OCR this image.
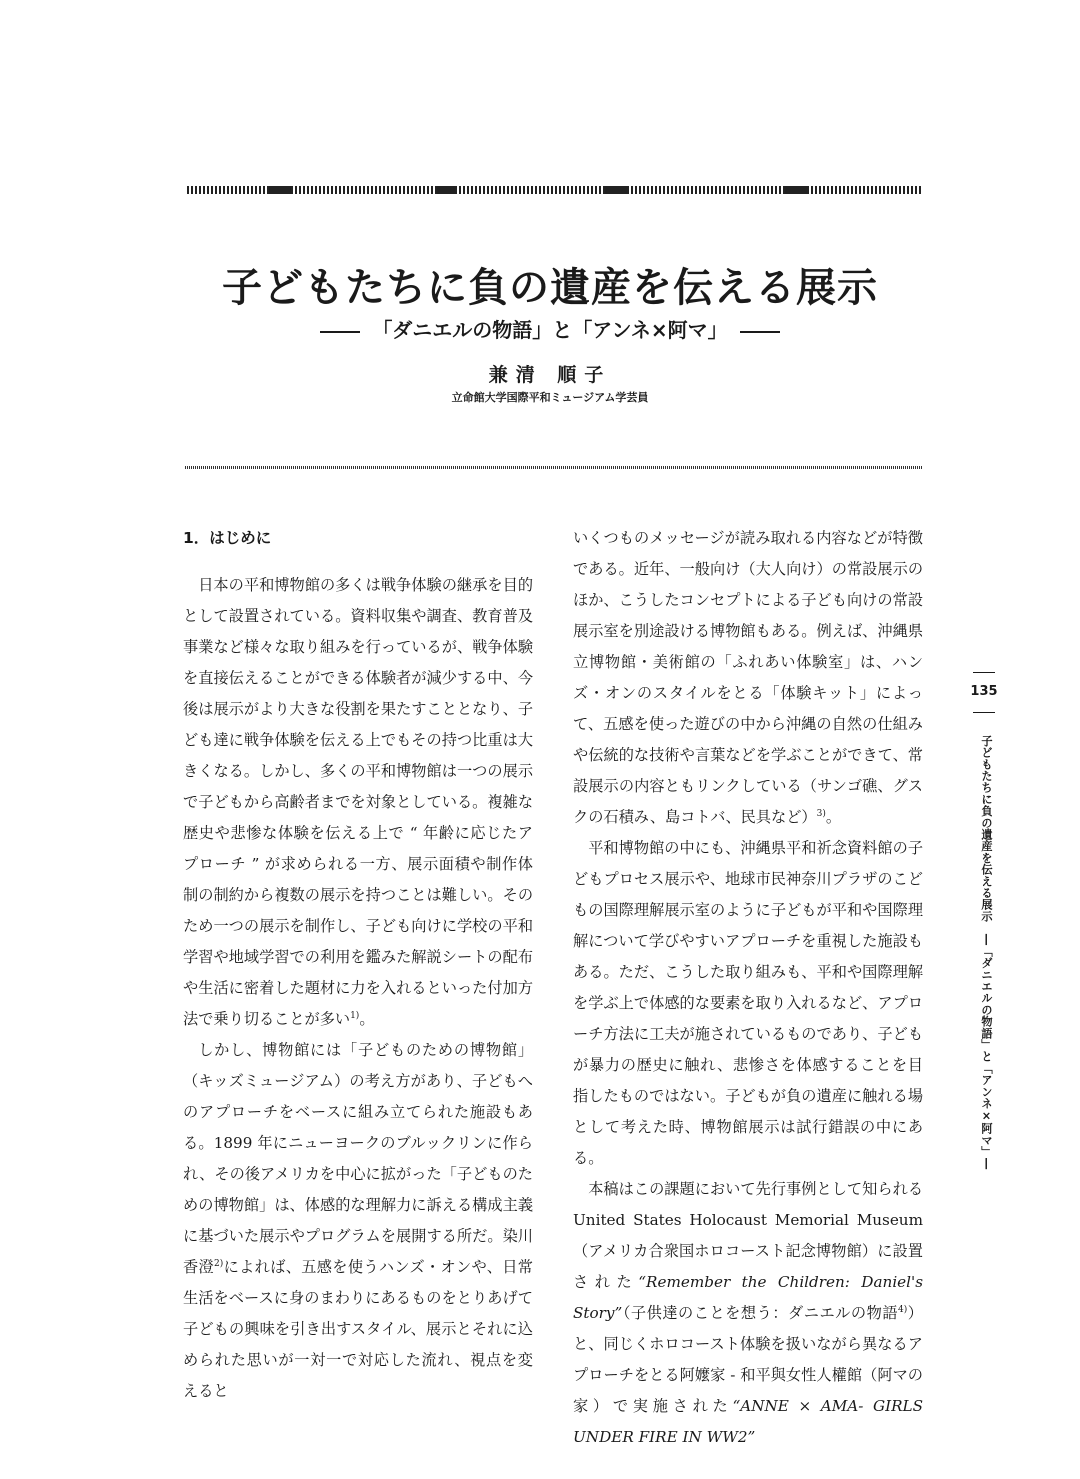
子どもたちに負の遺産を伝える展示
「ダニエルの物語」と「アンネ×阿マ」
兼清 順子
立命館大学国際平和ミュージアム学芸員
1．はじめに

日本の平和博物館の多くは戦争体験の継承を目的として設置されている。資料収集や調査、教育普及事業など様々な取り組みを行っているが、戦争体験を直接伝えることができる体験者が減少する中、今後は展示がより大きな役割を果たすこととなり、子ども達に戦争体験を伝える上でもその持つ比重は大きくなる。しかし、多くの平和博物館は一つの展示で子どもから高齢者までを対象としている。複雑な歴史や悲惨な体験を伝える上で “ 年齢に応じたアプローチ ” が求められる一方、展示面積や制作体制の制約から複数の展示を持つことは難しい。そのため一つの展示を制作し、子ども向けに学校の平和学習や地域学習での利用を鑑みた解説シートの配布や生活に密着した題材に力を入れるといった付加方法で乗り切ることが多い$^{1)}$。

しかし、博物館には「子どものための博物館」（キッズミュージアム）の考え方があり、子どもへのアプローチをベースに組み立てられた施設もある。1899 年にニューヨークのブルックリンに作られ、その後アメリカを中心に拡がった「子どものための博物館」は、体感的な理解力に訴える構成主義に基づいた展示やプログラムを展開する所だ。染川香澄$^{2)}$によれば、五感を使うハンズ・オンや、日常生活をベースに身のまわりにあるものをとりあげて子どもの興味を引き出すスタイル、展示とそれに込められた思いが一対一で対応した流れ、視点を変えると

いくつものメッセージが読み取れる内容などが特徴である。近年、一般向け（大人向け）の常設展示のほか、こうしたコンセプトによる子ども向けの常設展示室を別途設ける博物館もある。例えば、沖縄県立博物館・美術館の「ふれあい体験室」は、ハンズ・オンのスタイルをとる「体験キット」によって、五感を使った遊びの中から沖縄の自然の仕組みや伝統的な技術や言葉などを学ぶことができて、常設展示の内容ともリンクしている（サンゴ礁、グスクの石積み、島コトバ、民具など）$^{3)}$。

平和博物館の中にも、沖縄県平和祈念資料館の子どもプロセス展示や、地球市民神奈川プラザのこどもの国際理解展示室のように子どもが平和や国際理解について学びやすいアプローチを重視した施設もある。ただ、こうした取り組みも、平和や国際理解を学ぶ上で体感的な要素を取り入れるなど、アプローチ方法に工夫が施されているものであり、子どもが暴力の歴史に触れ、悲惨さを体感することを目指したものではない。子どもが負の遺産に触れる場として考えた時、博物館展示は試行錯誤の中にある。

本稿はこの課題において先行事例として知られる United States Holocaust Memorial Museum（アメリカ合衆国ホロコースト記念博物館）に設置された“Remember the Children: Daniel's Story”（子供達のことを想う：ダニエルの物語$^{4)}$）と、同じくホロコースト体験を扱いながら異なるアプローチをとる阿嬤家 - 和平與女性人權館（阿マの家）で実施された“ANNE × AMA- GIRLS UNDER FIRE IN WW2”

135
子どもたちに負の遺産を伝える展示　―「ダニエルの物語」と「アンネ×阿マ」―
